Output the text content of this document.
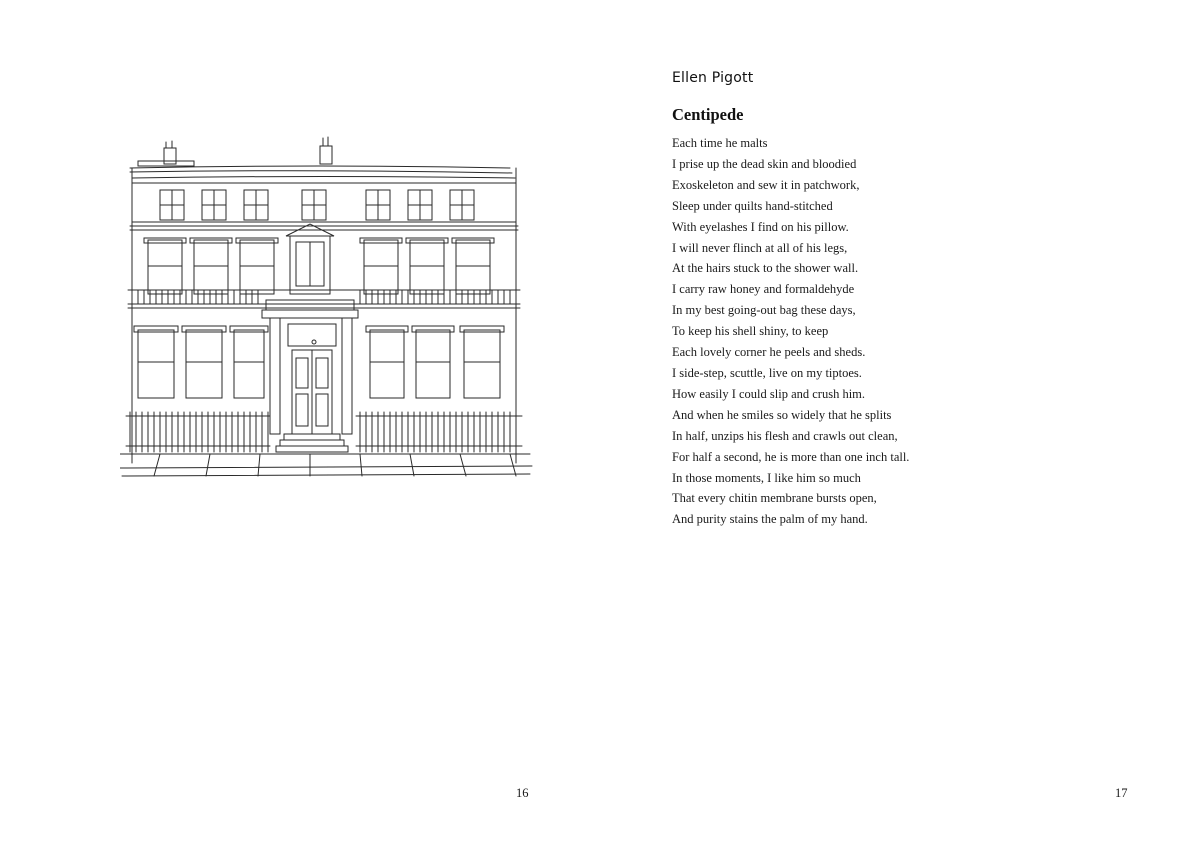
16
Ellen Pigott
Centipede
Each time he malts
I prise up the dead skin and bloodied
Exoskeleton and sew it in patchwork,
Sleep under quilts hand-stitched
With eyelashes I find on his pillow.
I will never flinch at all of his legs,
At the hairs stuck to the shower wall.
I carry raw honey and formaldehyde
In my best going-out bag these days,
To keep his shell shiny, to keep
Each lovely corner he peels and sheds.
I side-step, scuttle, live on my tiptoes.
How easily I could slip and crush him.
And when he smiles so widely that he splits
In half, unzips his flesh and crawls out clean,
For half a second, he is more than one inch tall.
In those moments, I like him so much
That every chitin membrane bursts open,
And purity stains the palm of my hand.
17
